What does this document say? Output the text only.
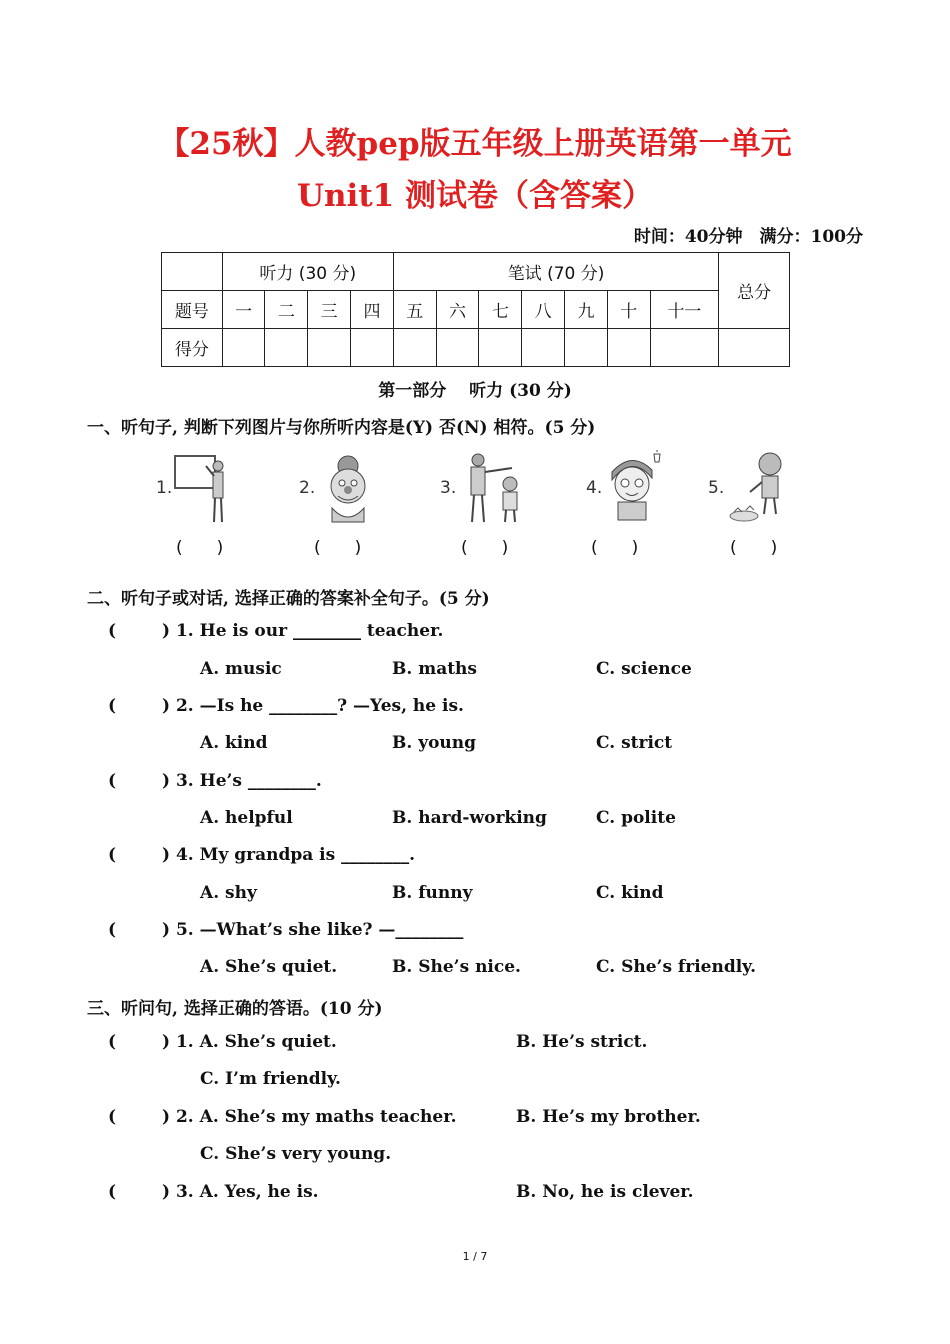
【25秋】人教pep版五年级上册英语第一单元
Unit1 测试卷（含答案）
时间：40分钟　满分：100分
	听力 (30 分)				笔试 (70 分)							总分
题号	一	二	三	四	五	六	七	八	九	十	十一	
得分												
第一部分　 听力 (30 分)
一、听句子, 判断下列图片与你所听内容是(Y) 否(N) 相符。(5 分)
1.
(　　)
2.
(　　)
3.
(　　)
4.
(　　)
5.
(　　)
二、听句子或对话, 选择正确的答案补全句子。(5 分)
(	) 1. He is our ________ teacher.
A. music	B. maths	C. science
(	) 2. —Is he ________? —Yes, he is.
A. kind	B. young	C. strict
(	) 3. He’s ________.
A. helpful	B. hard-working	C. polite
(	) 4. My grandpa is ________.
A. shy	B. funny	C. kind
(	) 5. —What’s she like? —________
A. She’s quiet.	B. She’s nice.	C. She’s friendly.
三、听问句, 选择正确的答语。(10 分)
(	) 1. A. She’s quiet.	B. He’s strict.
C. I’m friendly.
(	) 2. A. She’s my maths teacher.	B. He’s my brother.
C. She’s very young.
(	) 3. A. Yes, he is.	B. No, he is clever.
1 / 7
